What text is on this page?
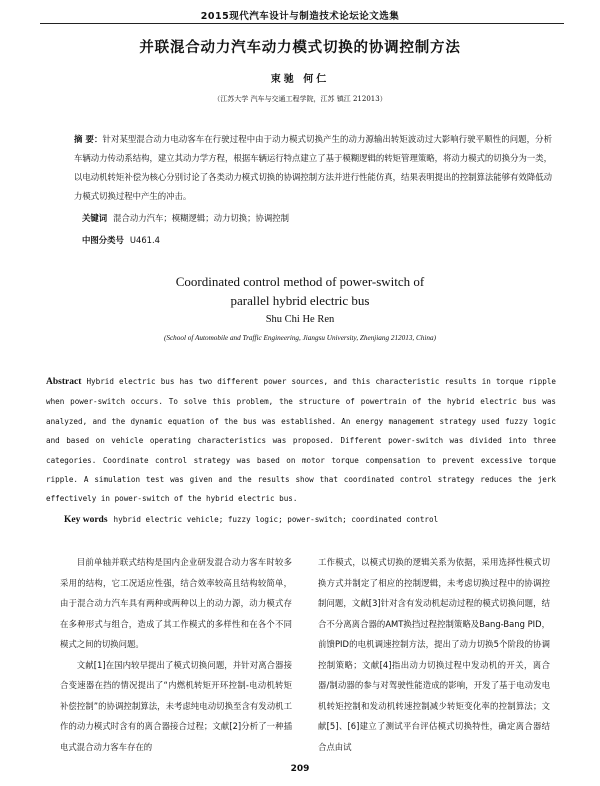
2015现代汽车设计与制造技术论坛论文选集
并联混合动力汽车动力模式切换的协调控制方法
束驰 何仁
（江苏大学 汽车与交通工程学院，江苏 镇江 212013）
摘 要：针对某型混合动力电动客车在行驶过程中由于动力模式切换产生的动力源输出转矩波动过大影响行驶平顺性的问题，分析车辆动力传动系结构，建立其动力学方程，根据车辆运行特点建立了基于模糊逻辑的转矩管理策略，将动力模式的切换分为一类，以电动机转矩补偿为核心分别讨论了各类动力模式切换的协调控制方法并进行性能仿真，结果表明提出的控制算法能够有效降低动力模式切换过程中产生的冲击。
关键词 混合动力汽车；模糊逻辑；动力切换；协调控制
中图分类号 U461.4
Coordinated control method of power-switch of
parallel hybrid electric bus
Shu Chi He Ren
(School of Automobile and Traffic Engineering, Jiangsu University, Zhenjiang 212013, China)
Abstract Hybrid electric bus has two different power sources, and this characteristic results in torque ripple when power-switch occurs. To solve this problem, the structure of powertrain of the hybrid electric bus was analyzed, and the dynamic equation of the bus was established. An energy management strategy used fuzzy logic and based on vehicle operating characteristics was proposed. Different power-switch was divided into three categories. Coordinate control strategy was based on motor torque compensation to prevent excessive torque ripple. A simulation test was given and the results show that coordinated control strategy reduces the jerk effectively in power-switch of the hybrid electric bus.
Key words hybrid electric vehicle; fuzzy logic; power-switch; coordinated control

目前单轴并联式结构是国内企业研发混合动力客车时较多采用的结构，它工况适应性强，结合效率较高且结构较简单，由于混合动力汽车具有两种或两种以上的动力源，动力模式存在多种形式与组合，造成了其工作模式的多样性和在各个不同模式之间的切换问题。

文献[1]在国内较早提出了模式切换问题，并针对离合器接合变速器在挡的情况提出了“内燃机转矩开环控制-电动机转矩补偿控制”的协调控制算法，未考虑纯电动切换至含有发动机工作的动力模式时含有的离合器接合过程；文献[2]分析了一种插电式混合动力客车存在的

工作模式，以模式切换的逻辑关系为依据，采用选择性模式切换方式并制定了相应的控制逻辑，未考虑切换过程中的协调控制问题，文献[3]针对含有发动机起动过程的模式切换问题，结合不分离离合器的AMT换挡过程控制策略及Bang-Bang PID，前馈PID的电机调速控制方法，提出了动力切换5个阶段的协调控制策略；文献[4]指出动力切换过程中发动机的开关，离合器/制动器的参与对驾驶性能造成的影响，开发了基于电动发电机转矩控制和发动机转速控制减少转矩变化率的控制算法；文献[5]、[6]建立了测试平台评估模式切换特性，确定离合器结合点由试

209
